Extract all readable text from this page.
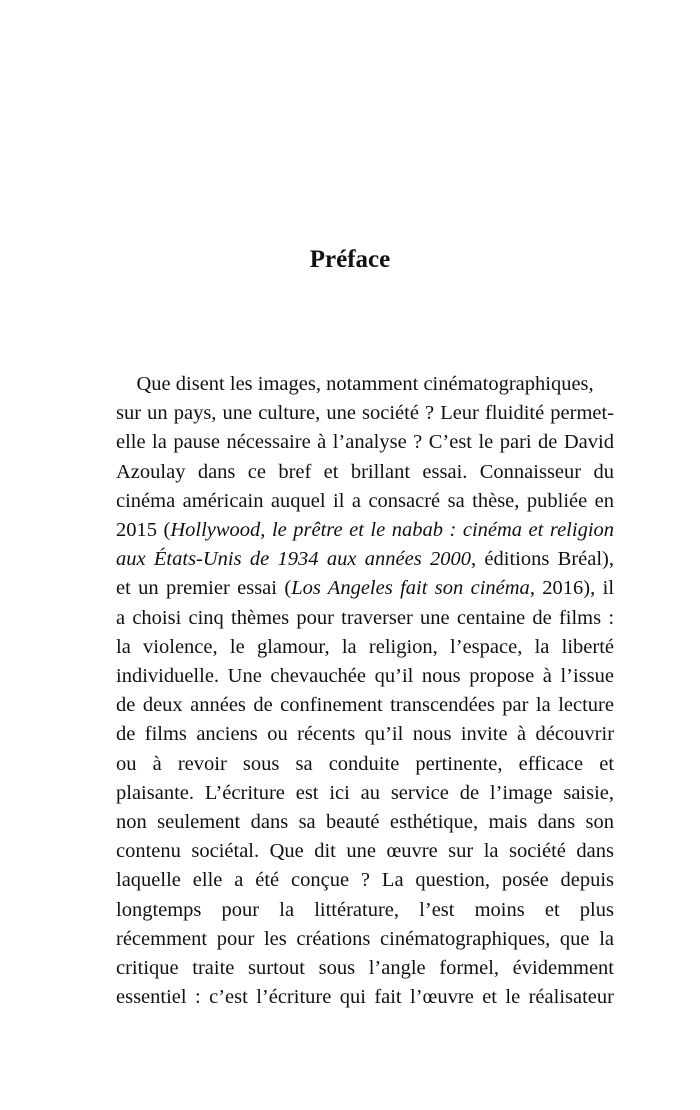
Préface
Que disent les images, notamment cinématographiques,
sur un pays, une culture, une société ? Leur fluidité permet-
elle la pause nécessaire à l’analyse ? C’est le pari de David
Azoulay dans ce bref et brillant essai. Connaisseur du
cinéma américain auquel il a consacré sa thèse, publiée en
2015 (Hollywood, le prêtre et le nabab : cinéma et religion
aux États-Unis de 1934 aux années 2000, éditions Bréal),
et un premier essai (Los Angeles fait son cinéma, 2016), il
a choisi cinq thèmes pour traverser une centaine de films :
la violence, le glamour, la religion, l’espace, la liberté
individuelle. Une chevauchée qu’il nous propose à l’issue
de deux années de confinement transcendées par la lecture
de films anciens ou récents qu’il nous invite à découvrir
ou à revoir sous sa conduite pertinente, efficace et
plaisante. L’écriture est ici au service de l’image saisie,
non seulement dans sa beauté esthétique, mais dans son
contenu sociétal. Que dit une œuvre sur la société dans
laquelle elle a été conçue ? La question, posée depuis
longtemps pour la littérature, l’est moins et plus
récemment pour les créations cinématographiques, que la
critique traite surtout sous l’angle formel, évidemment
essentiel : c’est l’écriture qui fait l’œuvre et le réalisateur
